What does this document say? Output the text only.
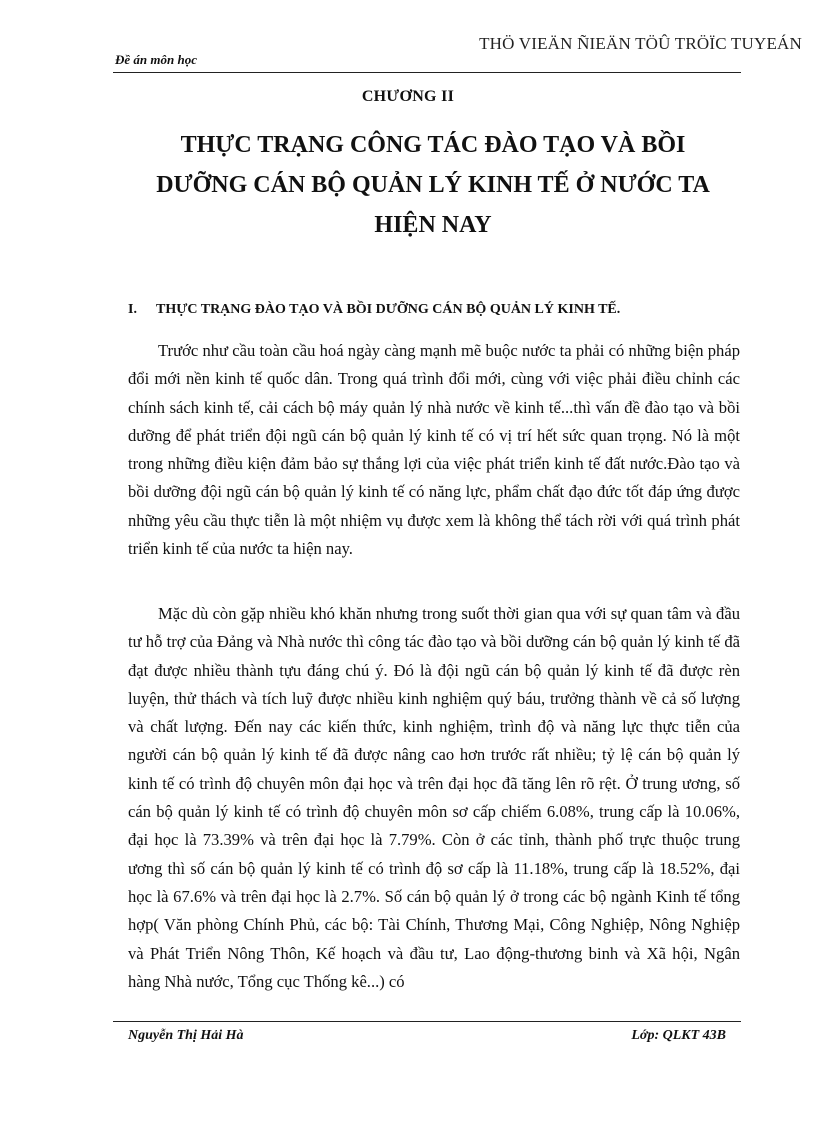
THÖ VIEÄN ÑIEÄN TÖÛ TRÖÏC TUYEÁN
Đề án môn học
CHƯƠNG II
THỰC TRẠNG CÔNG TÁC ĐÀO TẠO VÀ BỒI
DƯỠNG CÁN BỘ QUẢN LÝ KINH TẾ Ở NƯỚC TA
HIỆN NAY
I. THỰC TRẠNG ĐÀO TẠO VÀ BỒI DƯỠNG CÁN BỘ QUẢN LÝ KINH TẾ.

Trước như cầu toàn cầu hoá ngày càng mạnh mẽ buộc nước ta phải có những biện pháp đổi mới nền kinh tế quốc dân. Trong quá trình đổi mới, cùng với việc phải điều chỉnh các chính sách kinh tế, cải cách bộ máy quản lý nhà nước về kinh tế...thì vấn đề đào tạo và bồi dưỡng để phát triển đội ngũ cán bộ quản lý kinh tế có vị trí hết sức quan trọng. Nó là một trong những điều kiện đảm bảo sự thắng lợi của việc phát triển kinh tế đất nước.Đào tạo và bồi dưỡng đội ngũ cán bộ quản lý kinh tế có năng lực, phẩm chất đạo đức tốt đáp ứng được những yêu cầu thực tiễn là một nhiệm vụ được xem là không thể tách rời với quá trình phát triển kinh tế của nước ta hiện nay.

Mặc dù còn gặp nhiều khó khăn nhưng trong suốt thời gian qua với sự quan tâm và đầu tư hỗ trợ của Đảng và Nhà nước thì công tác đào tạo và bồi dưỡng cán bộ quản lý kinh tế đã đạt được nhiều thành tựu đáng chú ý. Đó là đội ngũ cán bộ quản lý kinh tế đã được rèn luyện, thử thách và tích luỹ được nhiều kinh nghiệm quý báu, trưởng thành về cả số lượng và chất lượng. Đến nay các kiến thức, kinh nghiệm, trình độ và năng lực thực tiễn của người cán bộ quản lý kinh tế đã được nâng cao hơn trước rất nhiều; tỷ lệ cán bộ quản lý kinh tế có trình độ chuyên môn đại học và trên đại học đã tăng lên rõ rệt. Ở trung ương, số cán bộ quản lý kinh tế có trình độ chuyên môn sơ cấp chiếm 6.08%, trung cấp là 10.06%, đại học là 73.39% và trên đại học là 7.79%. Còn ở các tỉnh, thành phố trực thuộc trung ương thì số cán bộ quản lý kinh tế có trình độ sơ cấp là 11.18%, trung cấp là 18.52%, đại học là 67.6% và trên đại học là 2.7%. Số cán bộ quản lý ở trong các bộ ngành Kinh tế tổng hợp( Văn phòng Chính Phủ, các bộ: Tài Chính, Thương Mại, Công Nghiệp, Nông Nghiệp và Phát Triển Nông Thôn, Kế hoạch và đầu tư, Lao động-thương binh và Xã hội, Ngân hàng Nhà nước, Tổng cục Thống kê...) có

Nguyễn Thị Hải Hà	Lớp: QLKT 43B
